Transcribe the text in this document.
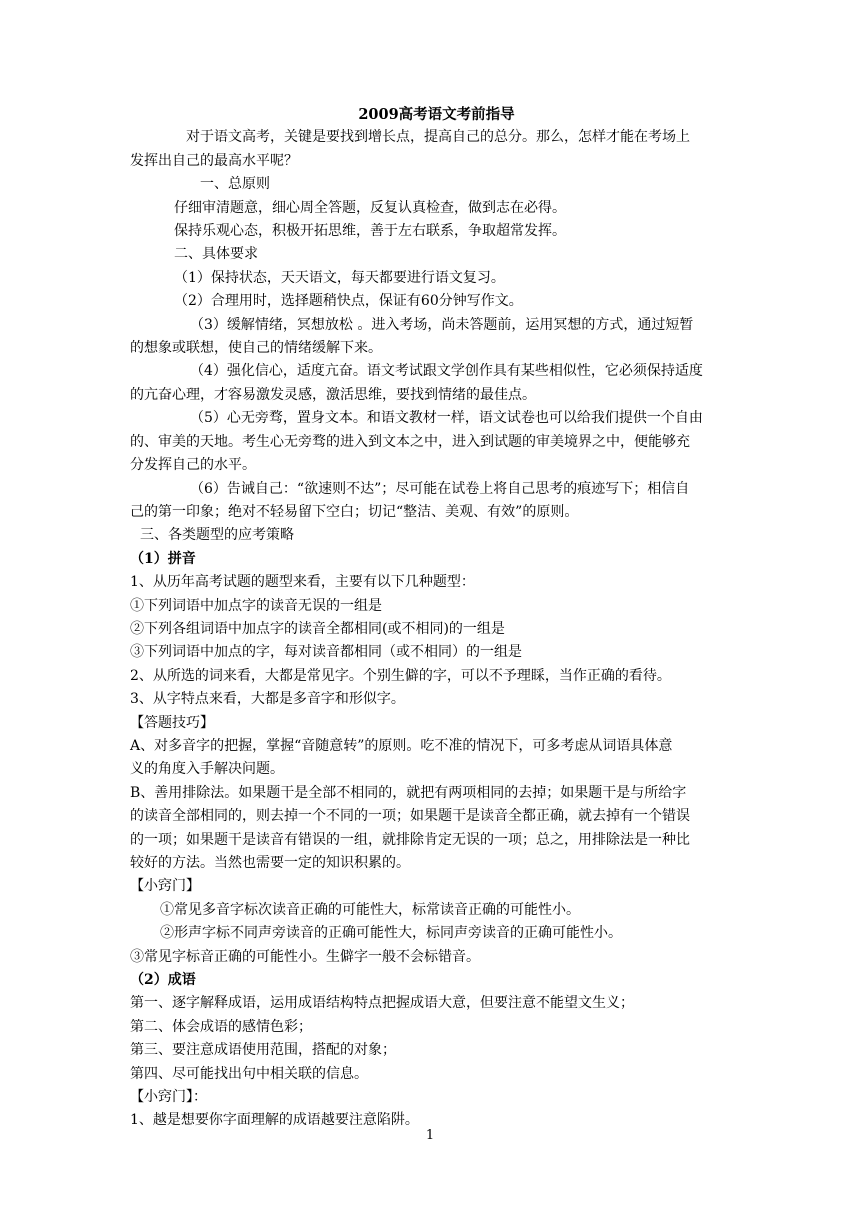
2009高考语文考前指导

对于语文高考，关键是要找到增长点，提高自己的总分。那么，怎样才能在考场上

发挥出自己的最高水平呢？

一、总原则

仔细审清题意，细心周全答题，反复认真检查，做到志在必得。

保持乐观心态，积极开拓思维，善于左右联系，争取超常发挥。

二、具体要求

（1）保持状态，天天语文，每天都要进行语文复习。

（2）合理用时，选择题稍快点，保证有60分钟写作文。

（3）缓解情绪，冥想放松 。进入考场，尚未答题前，运用冥想的方式，通过短暂

的想象或联想，使自己的情绪缓解下来。

（4）强化信心，适度亢奋。语文考试跟文学创作具有某些相似性，它必须保持适度

的亢奋心理，才容易激发灵感，激活思维，要找到情绪的最佳点。

（5）心无旁骛，置身文本。和语文教材一样，语文试卷也可以给我们提供一个自由

的、审美的天地。考生心无旁骛的进入到文本之中，进入到试题的审美境界之中，便能够充

分发挥自己的水平。

（6）告诫自己：“欲速则不达”；尽可能在试卷上将自己思考的痕迹写下；相信自

己的第一印象；绝对不轻易留下空白；切记“整洁、美观、有效”的原则。

三、各类题型的应考策略

（1）拼音

1、从历年高考试题的题型来看，主要有以下几种题型：

①下列词语中加点字的读音无误的一组是

②下列各组词语中加点字的读音全都相同(或不相同)的一组是

③下列词语中加点的字，每对读音都相同（或不相同）的一组是

2、从所选的词来看，大都是常见字。个别生僻的字，可以不予理睬，当作正确的看待。

3、从字特点来看，大都是多音字和形似字。

【答题技巧】

A、对多音字的把握，掌握“音随意转”的原则。吃不准的情况下，可多考虑从词语具体意

义的角度入手解决问题。

B、善用排除法。如果题干是全部不相同的，就把有两项相同的去掉；如果题干是与所给字

的读音全部相同的，则去掉一个不同的一项；如果题干是读音全都正确，就去掉有一个错误

的一项；如果题干是读音有错误的一组，就排除肯定无误的一项；总之，用排除法是一种比

较好的方法。当然也需要一定的知识积累的。

【小窍门】

①常见多音字标次读音正确的可能性大，标常读音正确的可能性小。

②形声字标不同声旁读音的正确可能性大，标同声旁读音的正确可能性小。

③常见字标音正确的可能性小。生僻字一般不会标错音。

（2）成语

第一、逐字解释成语，运用成语结构特点把握成语大意，但要注意不能望文生义；

第二、体会成语的感情色彩；

第三、要注意成语使用范围，搭配的对象；

第四、尽可能找出句中相关联的信息。

【小窍门】：

1、越是想要你字面理解的成语越要注意陷阱。

1
